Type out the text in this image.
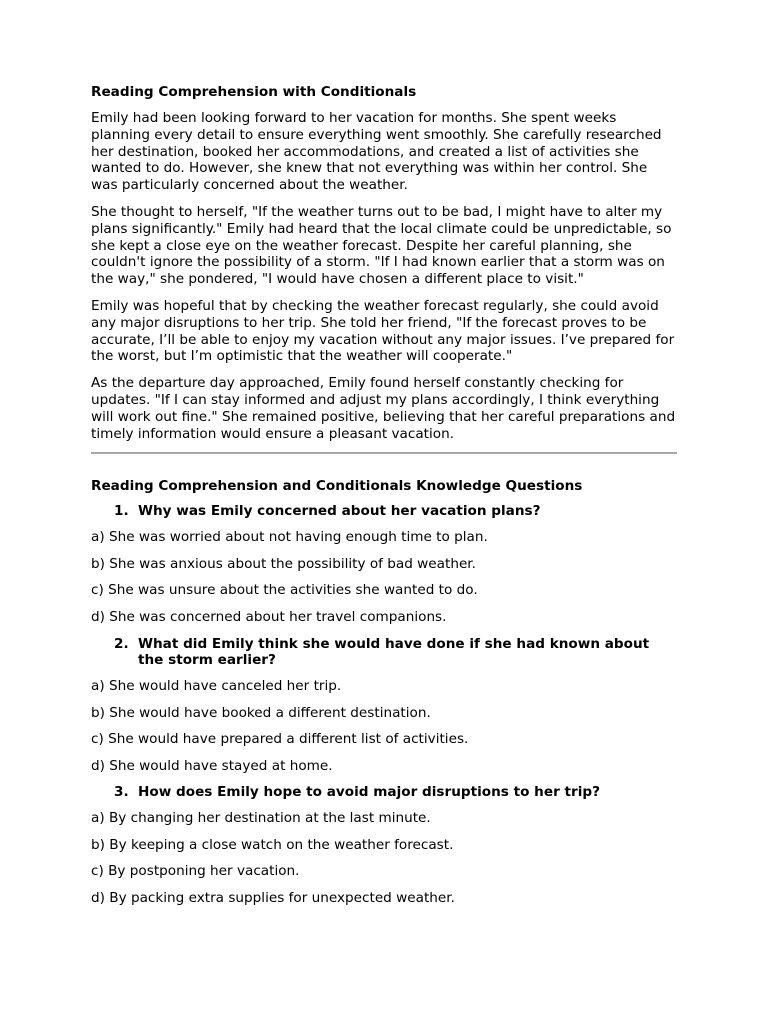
Reading Comprehension with Conditionals

Emily had been looking forward to her vacation for months. She spent weeks planning every detail to ensure everything went smoothly. She carefully researched her destination, booked her accommodations, and created a list of activities she wanted to do. However, she knew that not everything was within her control. She was particularly concerned about the weather.

She thought to herself, "If the weather turns out to be bad, I might have to alter my plans significantly." Emily had heard that the local climate could be unpredictable, so she kept a close eye on the weather forecast. Despite her careful planning, she couldn't ignore the possibility of a storm. "If I had known earlier that a storm was on the way," she pondered, "I would have chosen a different place to visit."

Emily was hopeful that by checking the weather forecast regularly, she could avoid any major disruptions to her trip. She told her friend, "If the forecast proves to be accurate, I’ll be able to enjoy my vacation without any major issues. I’ve prepared for the worst, but I’m optimistic that the weather will cooperate."

As the departure day approached, Emily found herself constantly checking for updates. "If I can stay informed and adjust my plans accordingly, I think everything will work out fine." She remained positive, believing that her careful preparations and timely information would ensure a pleasant vacation.

Reading Comprehension and Conditionals Knowledge Questions
1. Why was Emily concerned about her vacation plans?
a) She was worried about not having enough time to plan.
b) She was anxious about the possibility of bad weather.
c) She was unsure about the activities she wanted to do.
d) She was concerned about her travel companions.
2. What did Emily think she would have done if she had known about the storm earlier?
a) She would have canceled her trip.
b) She would have booked a different destination.
c) She would have prepared a different list of activities.
d) She would have stayed at home.
3. How does Emily hope to avoid major disruptions to her trip?
a) By changing her destination at the last minute.
b) By keeping a close watch on the weather forecast.
c) By postponing her vacation.
d) By packing extra supplies for unexpected weather.
